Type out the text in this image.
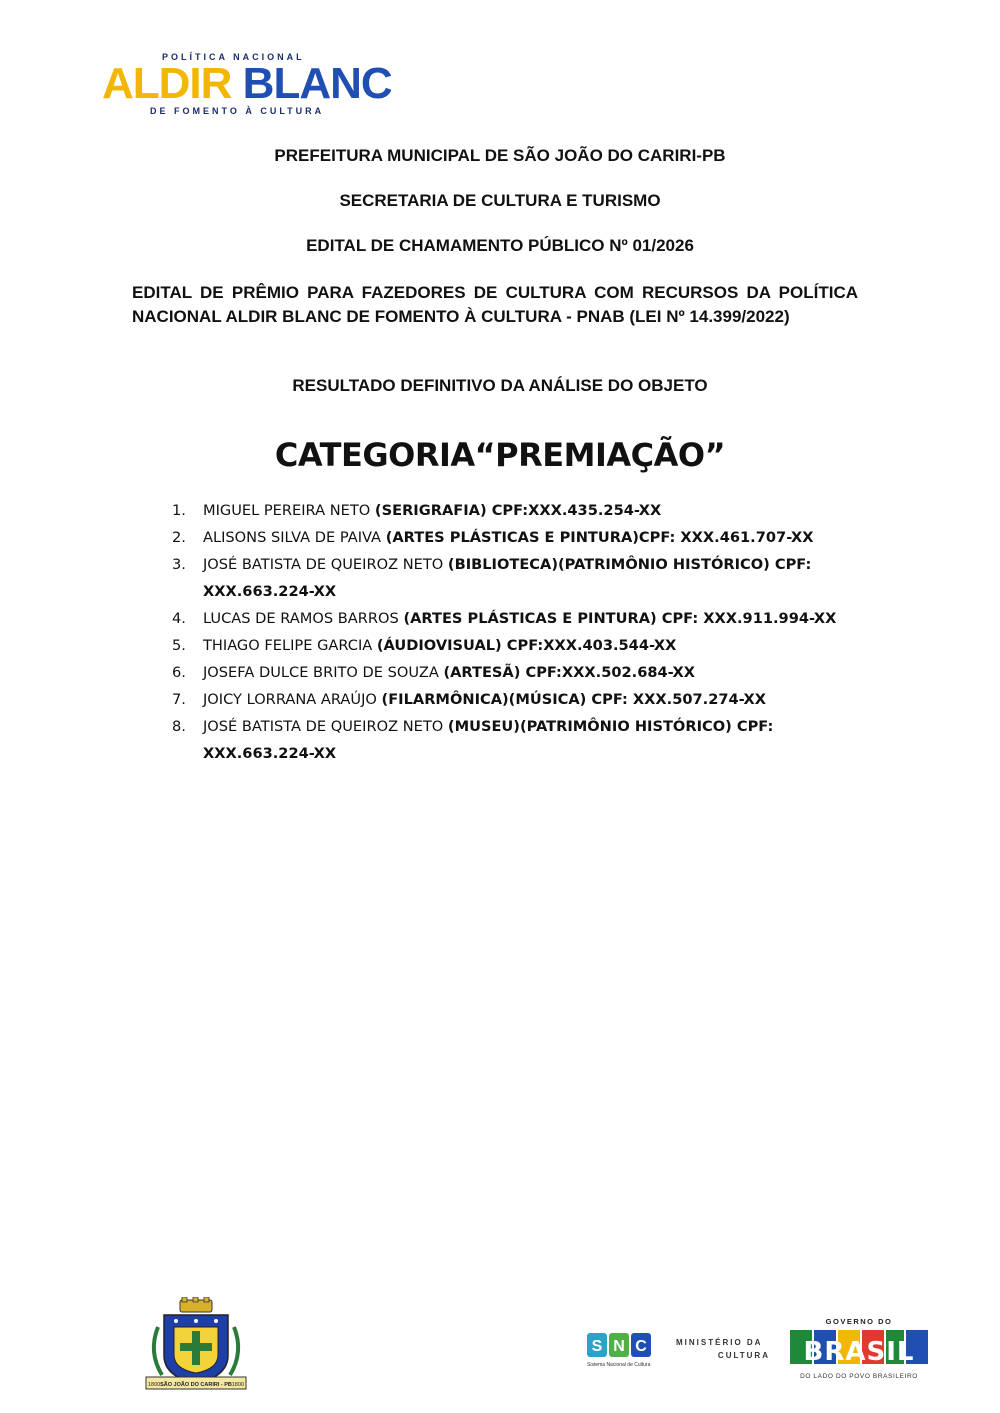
POLÍTICA NACIONAL
ALDIR BLANC
DE FOMENTO À CULTURA
PREFEITURA MUNICIPAL DE SÃO JOÃO DO CARIRI-PB
SECRETARIA DE CULTURA E TURISMO
EDITAL DE CHAMAMENTO PÚBLICO Nº 01/2026
EDITAL DE PRÊMIO PARA FAZEDORES DE CULTURA COM RECURSOS DA POLÍTICA NACIONAL ALDIR BLANC DE FOMENTO À CULTURA - PNAB (LEI Nº 14.399/2022)
RESULTADO DEFINITIVO DA ANÁLISE DO OBJETO
CATEGORIA“PREMIAÇÃO”
1. MIGUEL PEREIRA NETO (SERIGRAFIA) CPF:XXX.435.254-XX
2. ALISONS SILVA DE PAIVA (ARTES PLÁSTICAS E PINTURA)CPF: XXX.461.707-XX
3. JOSÉ BATISTA DE QUEIROZ NETO (BIBLIOTECA)(PATRIMÔNIO HISTÓRICO) CPF: XXX.663.224-XX
4. LUCAS DE RAMOS BARROS (ARTES PLÁSTICAS E PINTURA) CPF: XXX.911.994-XX
5. THIAGO FELIPE GARCIA (ÁUDIOVISUAL) CPF:XXX.403.544-XX
6. JOSEFA DULCE BRITO DE SOUZA (ARTESÃ) CPF:XXX.502.684-XX
7. JOICY LORRANA ARAÚJO (FILARMÔNICA)(MÚSICA) CPF: XXX.507.274-XX
8. JOSÉ BATISTA DE QUEIROZ NETO (MUSEU)(PATRIMÔNIO HISTÓRICO) CPF: XXX.663.224-XX
1800 SÃO JOÃO DO CARIRI - PB 1800
S N C
Sistema Nacional de Cultura
MINISTÉRIO DA
CULTURA
GOVERNO DO
BRASIL
DO LADO DO POVO BRASILEIRO
